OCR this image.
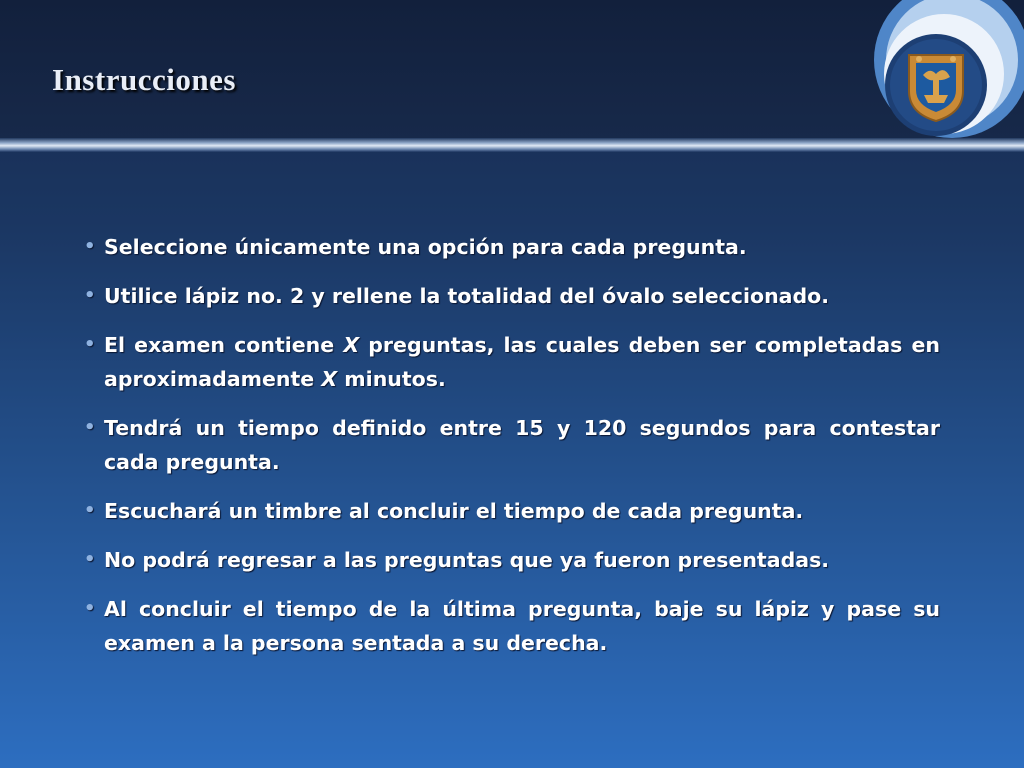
Instrucciones
• Seleccione únicamente una opción para cada pregunta.
• Utilice lápiz no. 2 y rellene la totalidad del óvalo seleccionado.
• El examen contiene X preguntas, las cuales deben ser completadas en aproximadamente X minutos.
• Tendrá un tiempo definido entre 15 y 120 segundos para contestar cada pregunta.
• Escuchará un timbre al concluir el tiempo de cada pregunta.
• No podrá regresar a las preguntas que ya fueron presentadas.
• Al concluir el tiempo de la última pregunta, baje su lápiz y pase su examen a la persona sentada a su derecha.
